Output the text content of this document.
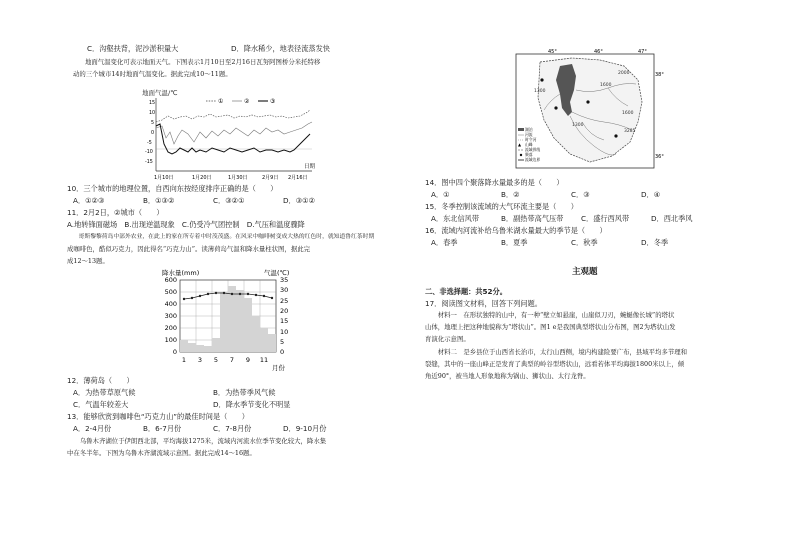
C．沟壑扶背，泥沙淤积量大	D．降水稀少，地表径流蒸发快
地面气温变化可表示地面天气。下图表示1月10日至2月16日瓦努阿图桥分米托特移
动的三个城市14时地面气温变化。据此完成10～11题。
地面气温/℃
15
10
5
0
-5
-10
-15
①	②	③
1月10日	1月20日	1月30日	2月9日 2月16日
日期
10．三个城市的地理位置，自西向东按经度排序正确的是（　　）
A．①②③	B．①③②	C．③②①	D．③①②
11．2月2日，②城市（　　）
A.地转锋面磁场　B.出现逆温现象　C.仍受冷气团控制　D.气压和温度骤降
　　哥斯黎黎荷岛中部外农业，在此上的家在所专着中时茂茂盛。在风采中咖啡树变成大热的红色时，就知道鲁红茶时期
成咖啡色，酷似巧克力，因此得名“巧克力山”。读薄荷岛气温和降水量柱状图，据此完
成12～13题。
降水量(mm)	气温(℃)
600
500
400
300
200
100
0
35
30
25
20
15
10
5
0
1 3 5 7 9 11
月份
12．薄荷岛（　　）
A．为热带草原气候	B．为热带季风气候
C．气温年较差大	D．降水季节变化不明显
13．能够欣赏到咖啡色“巧克力山”的最佳时间是（　　）
A．2-4月份	B．6-7月份	C．7-8月份	D．9-10月份
　　乌鲁木齐湖位于伊朗西北部，平均海拔1275米，流域内河流水位季节变化较大，降水集
中在冬半年。下图为乌鲁木齐湖流域示意图。据此完成14～16题。
45°	46°	47°
38°
36°
1300
1300
1600
2000
1600
3285
湖泊
河流
时令河
▲ 山峰
流域界线
聚落
流域边界
14．图中四个聚落降水量最多的是（　　）
A．①	B．②	C．③	D．④
15．冬季控制该流域的大气环流主要是（　　）
A．东北信风带	B．副热带高气压带 C．盛行西风带	D．西北季风
16．流域内河流补给乌鲁米湖水量最大的季节是（　　）
A．春季	B．夏季	C．秋季	D．冬季
主观题
二、非选择题：共52分。
17．阅读图文材料，回答下列问题。
　　材料一　在形状独特的山中，有一种“壁立如悬崖，山崖似刀刃，蜿蜒像长城”的塔状
山体，地理上把这种地貌称为“塔状山”。图1 e是我国典型塔状山分布图，图2为塔状山发
育演化示意图。
　　材料二　是乡县位于山西省长治市，太行山西侧，境内构建险要广布，县域平均多节理和
裂缝，其中的一座山峰正是发育了典型的岭谷型塔状山，远看若体平均海拔1800米以上，倾
角近90°，被当地人形象地称为锅山、狮状山、太行龙脊。
